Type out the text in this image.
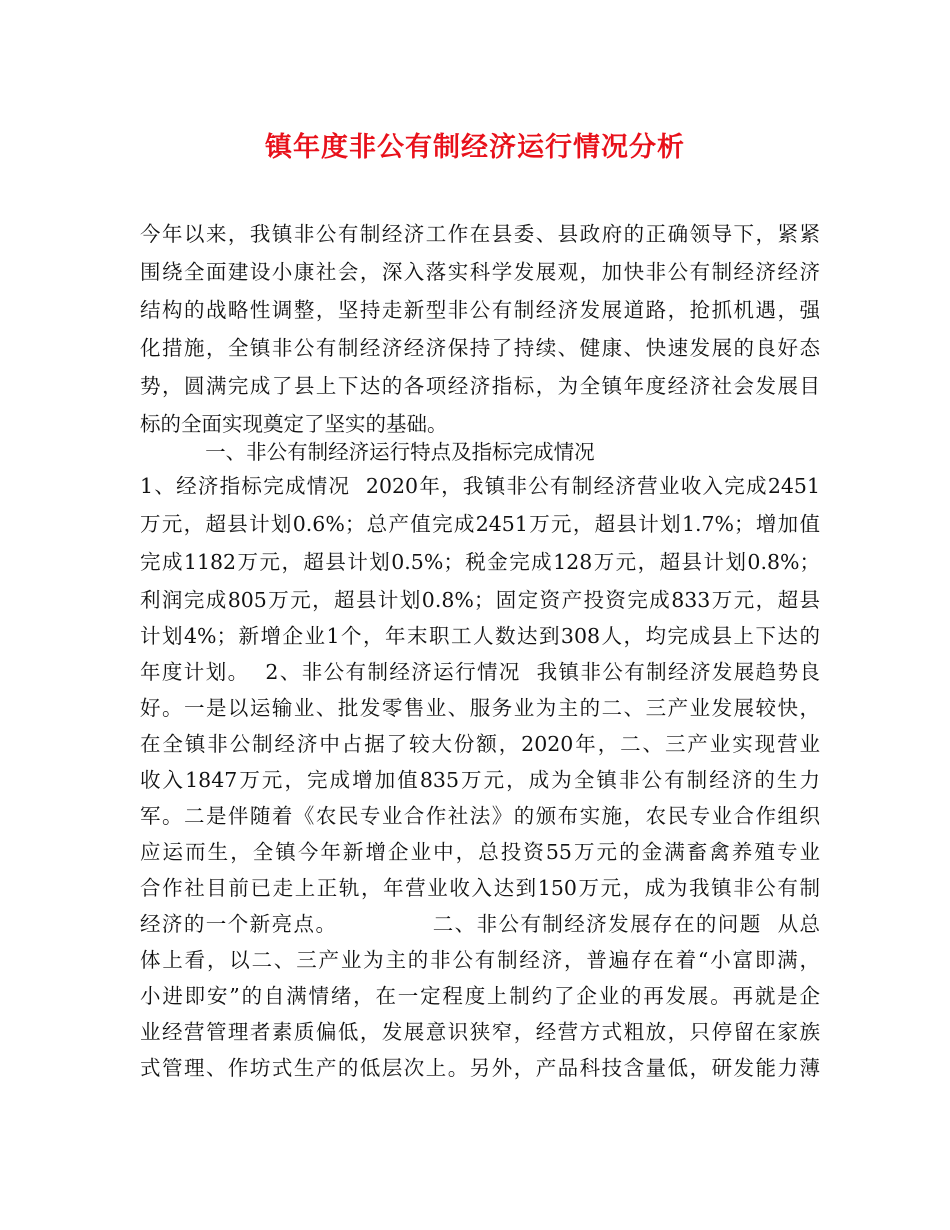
镇年度非公有制经济运行情况分析
今年以来，我镇非公有制经济工作在县委、县政府的正确领导下，紧紧
围绕全面建设小康社会，深入落实科学发展观，加快非公有制经济经济
结构的战略性调整，坚持走新型非公有制经济发展道路，抢抓机遇，强
化措施，全镇非公有制经济经济保持了持续、健康、快速发展的良好态
势，圆满完成了县上下达的各项经济指标，为全镇年度经济社会发展目
标的全面实现奠定了坚实的基础。
一、非公有制经济运行特点及指标完成情况
1、经济指标完成情况  2020年，我镇非公有制经济营业收入完成2451
万元，超县计划0.6%；总产值完成2451万元，超县计划1.7%；增加值
完成1182万元，超县计划0.5%；税金完成128万元，超县计划0.8%；
利润完成805万元，超县计划0.8%；固定资产投资完成833万元，超县
计划4%；新增企业1个，年末职工人数达到308人，均完成县上下达的
年度计划。  2、非公有制经济运行情况  我镇非公有制经济发展趋势良
好。一是以运输业、批发零售业、服务业为主的二、三产业发展较快，
在全镇非公制经济中占据了较大份额，2020年，二、三产业实现营业
收入1847万元，完成增加值835万元，成为全镇非公有制经济的生力
军。二是伴随着《农民专业合作社法》的颁布实施，农民专业合作组织
应运而生，全镇今年新增企业中，总投资55万元的金满畜禽养殖专业
合作社目前已走上正轨，年营业收入达到150万元，成为我镇非公有制
经济的一个新亮点。            二、非公有制经济发展存在的问题  从总
体上看，以二、三产业为主的非公有制经济，普遍存在着“小富即满，
小进即安”的自满情绪，在一定程度上制约了企业的再发展。再就是企
业经营管理者素质偏低，发展意识狭窄，经营方式粗放，只停留在家族
式管理、作坊式生产的低层次上。另外，产品科技含量低，研发能力薄
